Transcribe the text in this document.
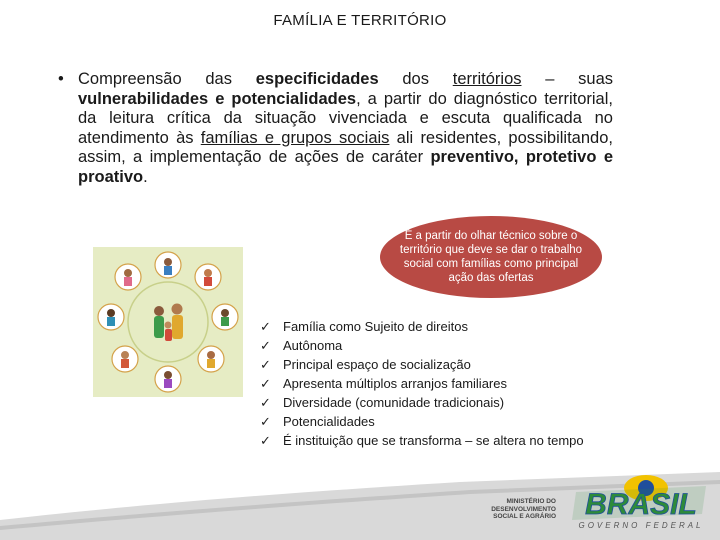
FAMÍLIA E TERRITÓRIO
• Compreensão das especificidades dos territórios – suas vulnerabilidades e potencialidades, a partir do diagnóstico territorial, da leitura crítica da situação vivenciada e escuta qualificada no atendimento às famílias e grupos sociais ali residentes, possibilitando, assim, a implementação de ações de caráter preventivo, protetivo e proativo.
É a partir do olhar técnico sobre o território que deve se dar o trabalho social com famílias como principal ação das ofertas
✓ Família como Sujeito de direitos
✓ Autônoma
✓ Principal espaço de socialização
✓ Apresenta múltiplos arranjos familiares
✓ Diversidade (comunidade tradicionais)
✓ Potencialidades
✓ É instituição que se transforma – se altera no tempo
MINISTÉRIO DO
DESENVOLVIMENTO
SOCIAL E AGRÁRIO BRASIL
GOVERNO FEDERAL
